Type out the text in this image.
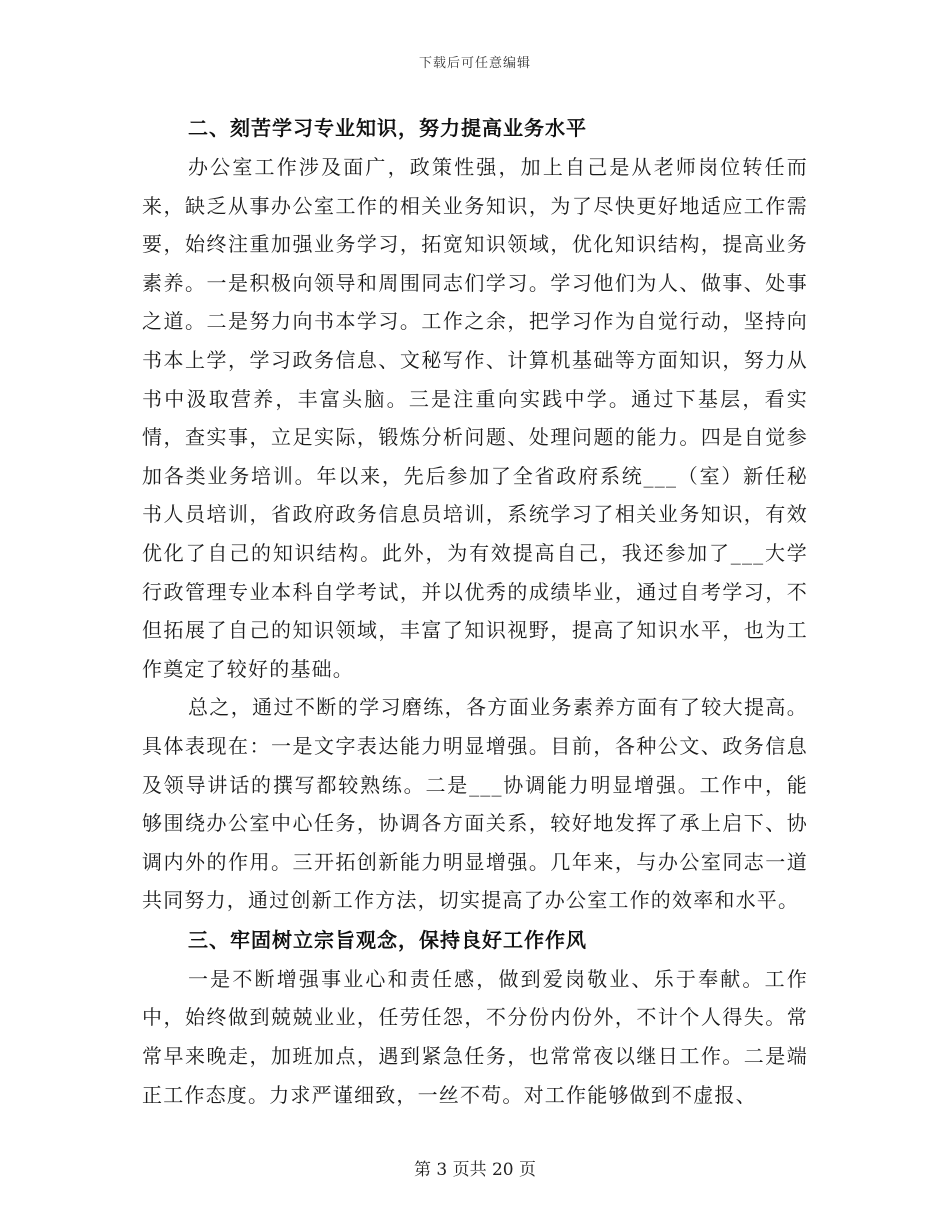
下载后可任意编辑
二、刻苦学习专业知识，努力提高业务水平

办公室工作涉及面广，政策性强，加上自己是从老师岗位转任而来，缺乏从事办公室工作的相关业务知识，为了尽快更好地适应工作需要，始终注重加强业务学习，拓宽知识领域，优化知识结构，提高业务素养。一是积极向领导和周围同志们学习。学习他们为人、做事、处事之道。二是努力向书本学习。工作之余，把学习作为自觉行动，坚持向书本上学，学习政务信息、文秘写作、计算机基础等方面知识，努力从书中汲取营养，丰富头脑。三是注重向实践中学。通过下基层，看实情，查实事，立足实际，锻炼分析问题、处理问题的能力。四是自觉参加各类业务培训。年以来，先后参加了全省政府系统___（室）新任秘书人员培训，省政府政务信息员培训，系统学习了相关业务知识，有效优化了自己的知识结构。此外，为有效提高自己，我还参加了___大学行政管理专业本科自学考试，并以优秀的成绩毕业，通过自考学习，不但拓展了自己的知识领域，丰富了知识视野，提高了知识水平，也为工作奠定了较好的基础。

总之，通过不断的学习磨练，各方面业务素养方面有了较大提高。具体表现在：一是文字表达能力明显增强。目前，各种公文、政务信息及领导讲话的撰写都较熟练。二是___协调能力明显增强。工作中，能够围绕办公室中心任务，协调各方面关系，较好地发挥了承上启下、协调内外的作用。三开拓创新能力明显增强。几年来，与办公室同志一道共同努力，通过创新工作方法，切实提高了办公室工作的效率和水平。

三、牢固树立宗旨观念，保持良好工作作风

一是不断增强事业心和责任感，做到爱岗敬业、乐于奉献。工作中，始终做到兢兢业业，任劳任怨，不分份内份外，不计个人得失。常常早来晚走，加班加点，遇到紧急任务，也常常夜以继日工作。二是端正工作态度。力求严谨细致，一丝不苟。对工作能够做到不虚报、

第 3 页共 20 页
